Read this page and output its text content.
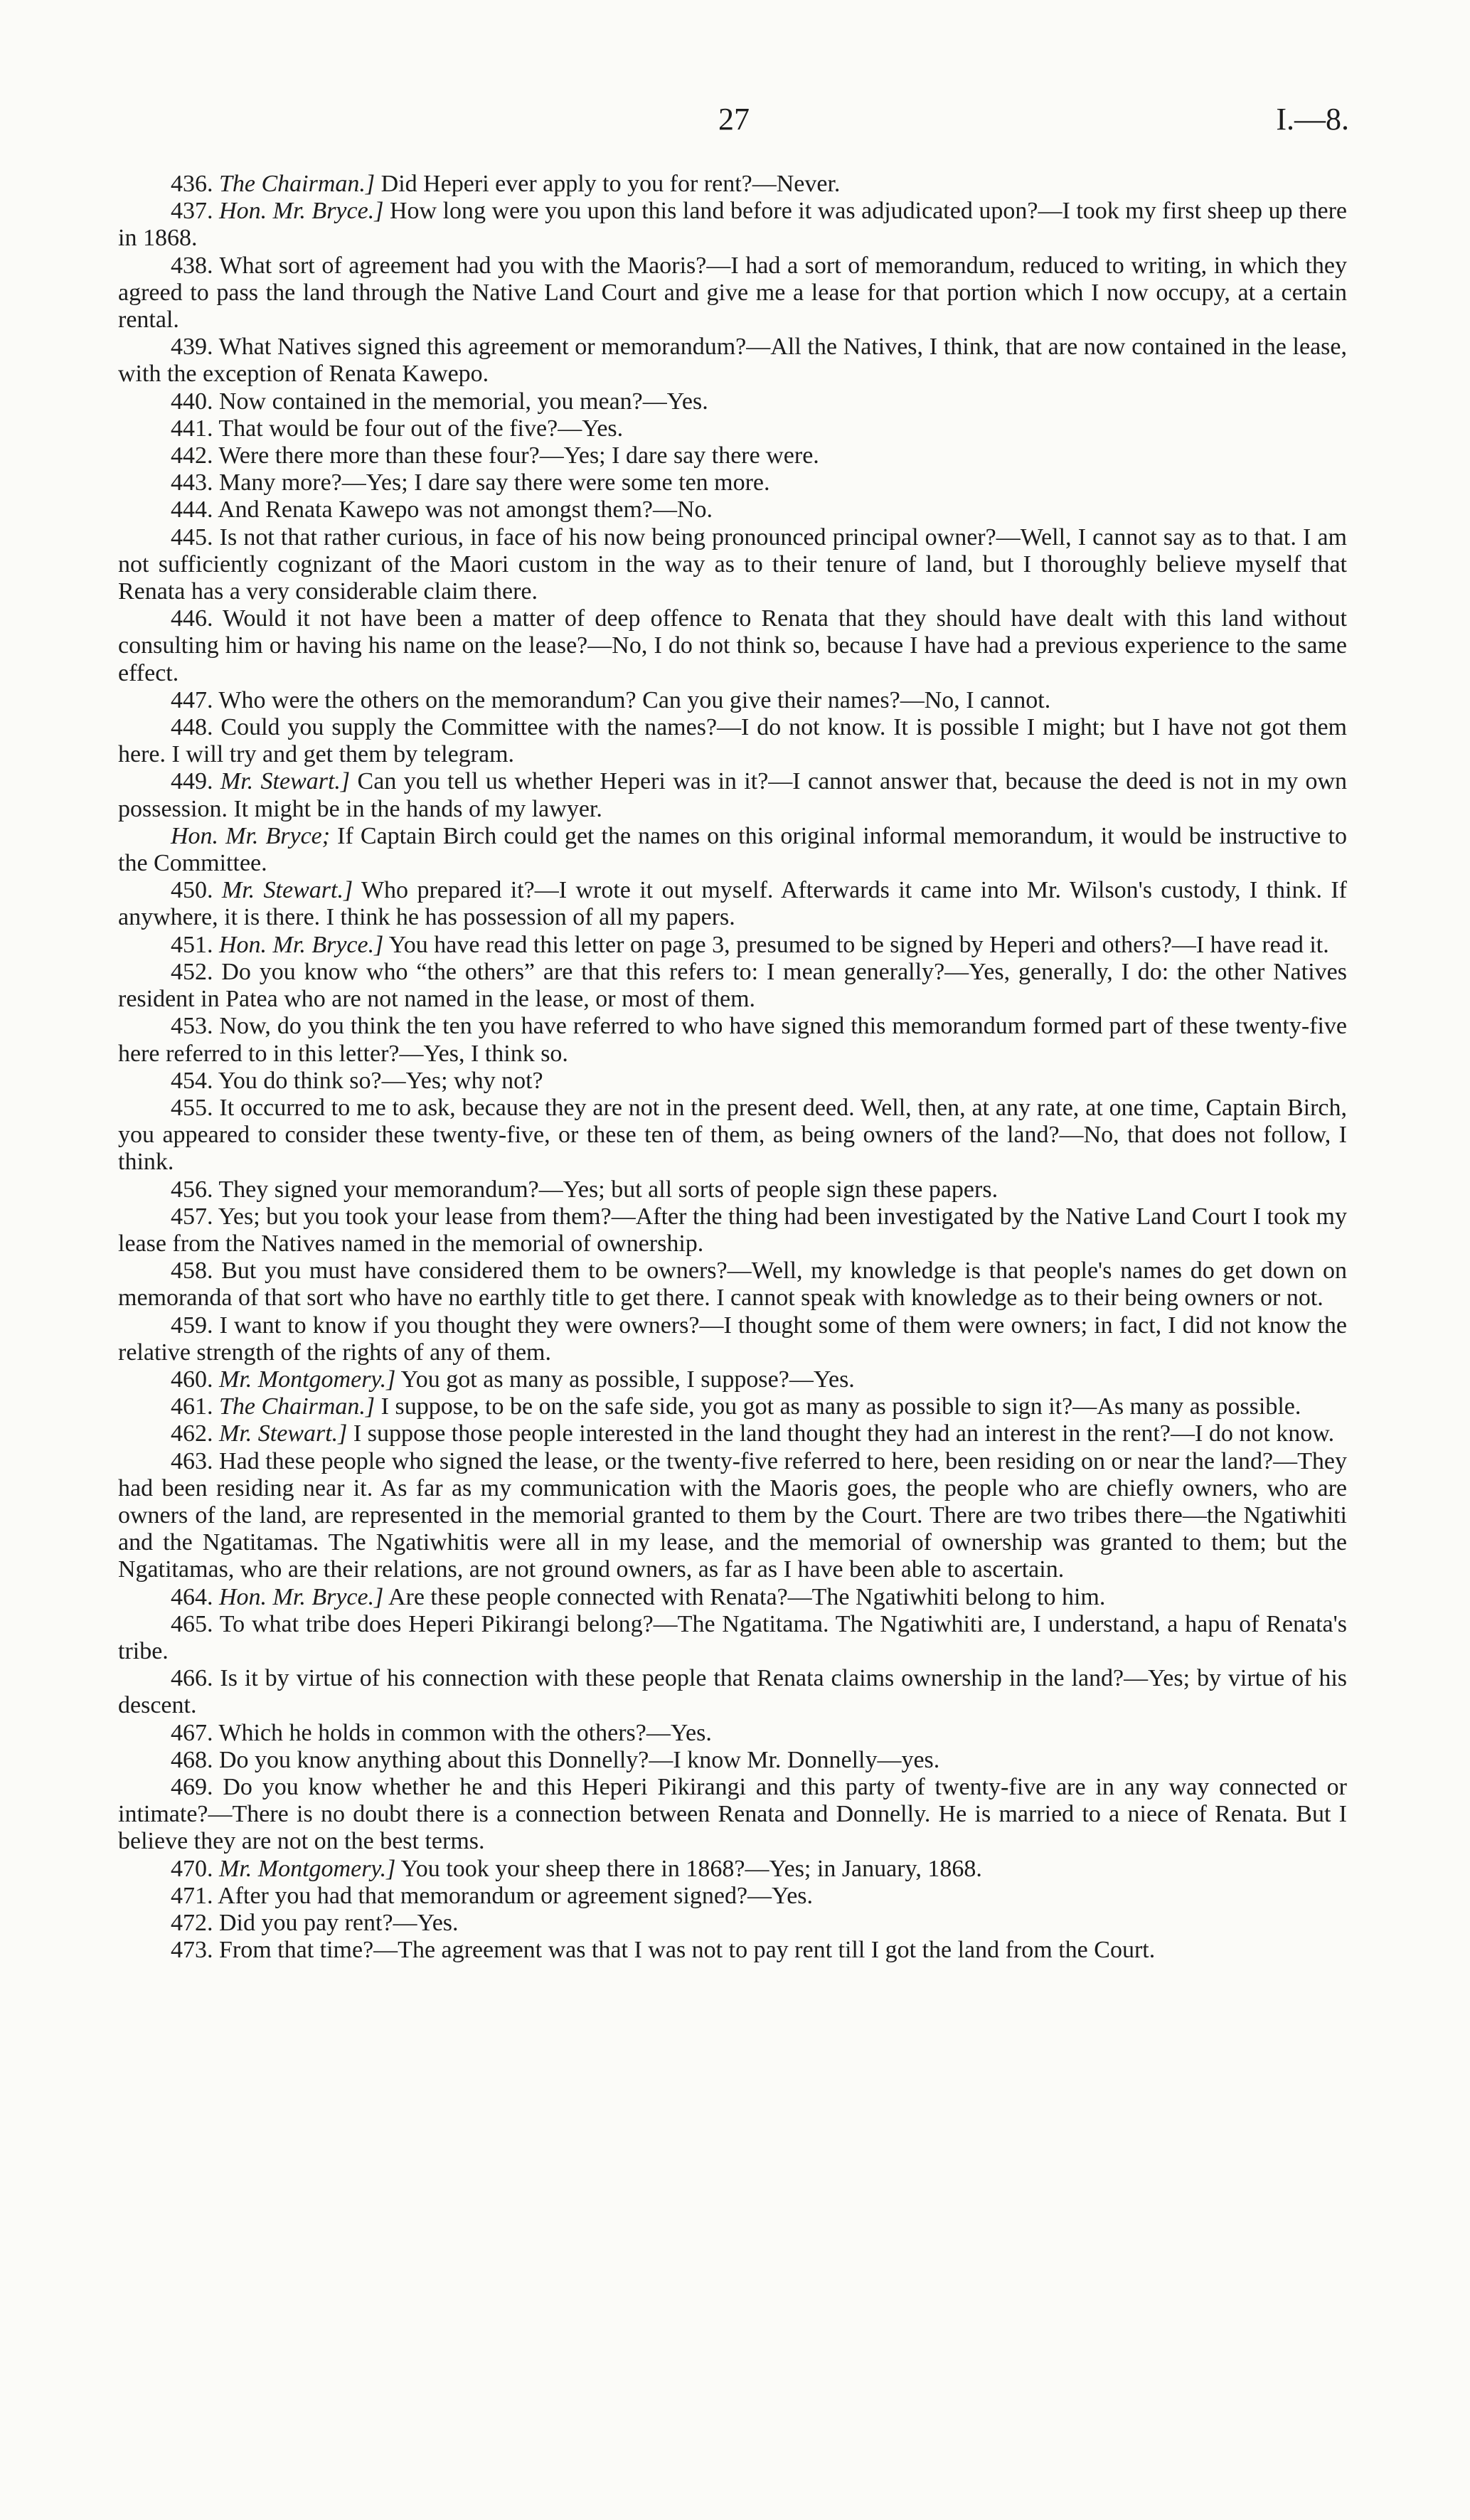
27	I.—8.

436. The Chairman.] Did Heperi ever apply to you for rent?—Never.

437. Hon. Mr. Bryce.] How long were you upon this land before it was adjudicated upon?—I took my first sheep up there in 1868.

438. What sort of agreement had you with the Maoris?—I had a sort of memorandum, reduced to writing, in which they agreed to pass the land through the Native Land Court and give me a lease for that portion which I now occupy, at a certain rental.

439. What Natives signed this agreement or memorandum?—All the Natives, I think, that are now contained in the lease, with the exception of Renata Kawepo.

440. Now contained in the memorial, you mean?—Yes.

441. That would be four out of the five?—Yes.

442. Were there more than these four?—Yes; I dare say there were.

443. Many more?—Yes; I dare say there were some ten more.

444. And Renata Kawepo was not amongst them?—No.

445. Is not that rather curious, in face of his now being pronounced principal owner?—Well, I cannot say as to that. I am not sufficiently cognizant of the Maori custom in the way as to their tenure of land, but I thoroughly believe myself that Renata has a very considerable claim there.

446. Would it not have been a matter of deep offence to Renata that they should have dealt with this land without consulting him or having his name on the lease?—No, I do not think so, because I have had a previous experience to the same effect.

447. Who were the others on the memorandum? Can you give their names?—No, I cannot.

448. Could you supply the Committee with the names?—I do not know. It is possible I might; but I have not got them here. I will try and get them by telegram.

449. Mr. Stewart.] Can you tell us whether Heperi was in it?—I cannot answer that, because the deed is not in my own possession. It might be in the hands of my lawyer.

Hon. Mr. Bryce; If Captain Birch could get the names on this original informal memorandum, it would be instructive to the Committee.

450. Mr. Stewart.] Who prepared it?—I wrote it out myself. Afterwards it came into Mr. Wilson's custody, I think. If anywhere, it is there. I think he has possession of all my papers.

451. Hon. Mr. Bryce.] You have read this letter on page 3, presumed to be signed by Heperi and others?—I have read it.

452. Do you know who “the others” are that this refers to: I mean generally?—Yes, generally, I do: the other Natives resident in Patea who are not named in the lease, or most of them.

453. Now, do you think the ten you have referred to who have signed this memorandum formed part of these twenty-five here referred to in this letter?—Yes, I think so.

454. You do think so?—Yes; why not?

455. It occurred to me to ask, because they are not in the present deed. Well, then, at any rate, at one time, Captain Birch, you appeared to consider these twenty-five, or these ten of them, as being owners of the land?—No, that does not follow, I think.

456. They signed your memorandum?—Yes; but all sorts of people sign these papers.

457. Yes; but you took your lease from them?—After the thing had been investigated by the Native Land Court I took my lease from the Natives named in the memorial of ownership.

458. But you must have considered them to be owners?—Well, my knowledge is that people's names do get down on memoranda of that sort who have no earthly title to get there. I cannot speak with knowledge as to their being owners or not.

459. I want to know if you thought they were owners?—I thought some of them were owners; in fact, I did not know the relative strength of the rights of any of them.

460. Mr. Montgomery.] You got as many as possible, I suppose?—Yes.

461. The Chairman.] I suppose, to be on the safe side, you got as many as possible to sign it?—As many as possible.

462. Mr. Stewart.] I suppose those people interested in the land thought they had an interest in the rent?—I do not know.

463. Had these people who signed the lease, or the twenty-five referred to here, been residing on or near the land?—They had been residing near it. As far as my communication with the Maoris goes, the people who are chiefly owners, who are owners of the land, are represented in the memorial granted to them by the Court. There are two tribes there—the Ngatiwhiti and the Ngatitamas. The Ngatiwhitis were all in my lease, and the memorial of ownership was granted to them; but the Ngatitamas, who are their relations, are not ground owners, as far as I have been able to ascertain.

464. Hon. Mr. Bryce.] Are these people connected with Renata?—The Ngatiwhiti belong to him.

465. To what tribe does Heperi Pikirangi belong?—The Ngatitama. The Ngatiwhiti are, I understand, a hapu of Renata's tribe.

466. Is it by virtue of his connection with these people that Renata claims ownership in the land?—Yes; by virtue of his descent.

467. Which he holds in common with the others?—Yes.

468. Do you know anything about this Donnelly?—I know Mr. Donnelly—yes.

469. Do you know whether he and this Heperi Pikirangi and this party of twenty-five are in any way connected or intimate?—There is no doubt there is a connection between Renata and Donnelly. He is married to a niece of Renata. But I believe they are not on the best terms.

470. Mr. Montgomery.] You took your sheep there in 1868?—Yes; in January, 1868.

471. After you had that memorandum or agreement signed?—Yes.

472. Did you pay rent?—Yes.

473. From that time?—The agreement was that I was not to pay rent till I got the land from the Court.
